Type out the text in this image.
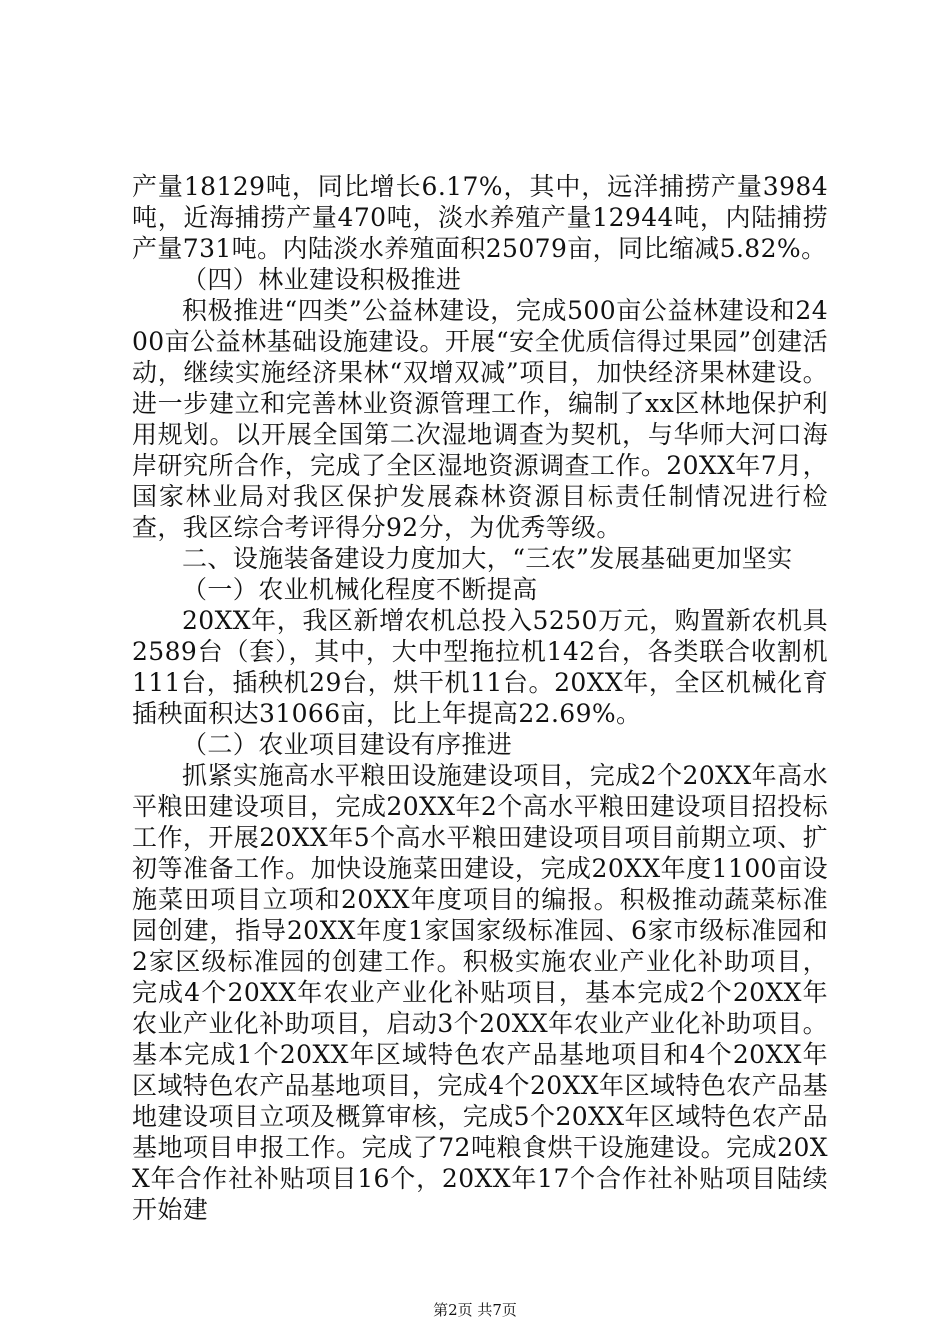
产量18129吨，同比增长6.17%，其中，远洋捕捞产量3984吨，近海捕捞产量470吨，淡水养殖产量12944吨，内陆捕捞产量731吨。内陆淡水养殖面积25079亩，同比缩减5.82%。

（四）林业建设积极推进

积极推进“四类”公益林建设，完成500亩公益林建设和2400亩公益林基础设施建设。开展“安全优质信得过果园”创建活动，继续实施经济果林“双增双减”项目，加快经济果林建设。进一步建立和完善林业资源管理工作，编制了xx区林地保护利用规划。以开展全国第二次湿地调查为契机，与华师大河口海岸研究所合作，完成了全区湿地资源调查工作。20XX年7月，国家林业局对我区保护发展森林资源目标责任制情况进行检查，我区综合考评得分92分，为优秀等级。

二、设施装备建设力度加大，“三农”发展基础更加坚实

（一）农业机械化程度不断提高

20XX年，我区新增农机总投入5250万元，购置新农机具2589台（套），其中，大中型拖拉机142台，各类联合收割机111台，插秧机29台，烘干机11台。20XX年，全区机械化育插秧面积达31066亩，比上年提高22.69%。

（二）农业项目建设有序推进

抓紧实施高水平粮田设施建设项目，完成2个20XX年高水平粮田建设项目，完成20XX年2个高水平粮田建设项目招投标工作，开展20XX年5个高水平粮田建设项目项目前期立项、扩初等准备工作。加快设施菜田建设，完成20XX年度1100亩设施菜田项目立项和20XX年度项目的编报。积极推动蔬菜标准园创建，指导20XX年度1家国家级标准园、6家市级标准园和2家区级标准园的创建工作。积极实施农业产业化补助项目，完成4个20XX年农业产业化补贴项目，基本完成2个20XX年农业产业化补助项目，启动3个20XX年农业产业化补助项目。基本完成1个20XX年区域特色农产品基地项目和4个20XX年区域特色农产品基地项目，完成4个20XX年区域特色农产品基地建设项目立项及概算审核，完成5个20XX年区域特色农产品基地项目申报工作。完成了72吨粮食烘干设施建设。完成20XX年合作社补贴项目16个，20XX年17个合作社补贴项目陆续开始建

第2页 共7页
